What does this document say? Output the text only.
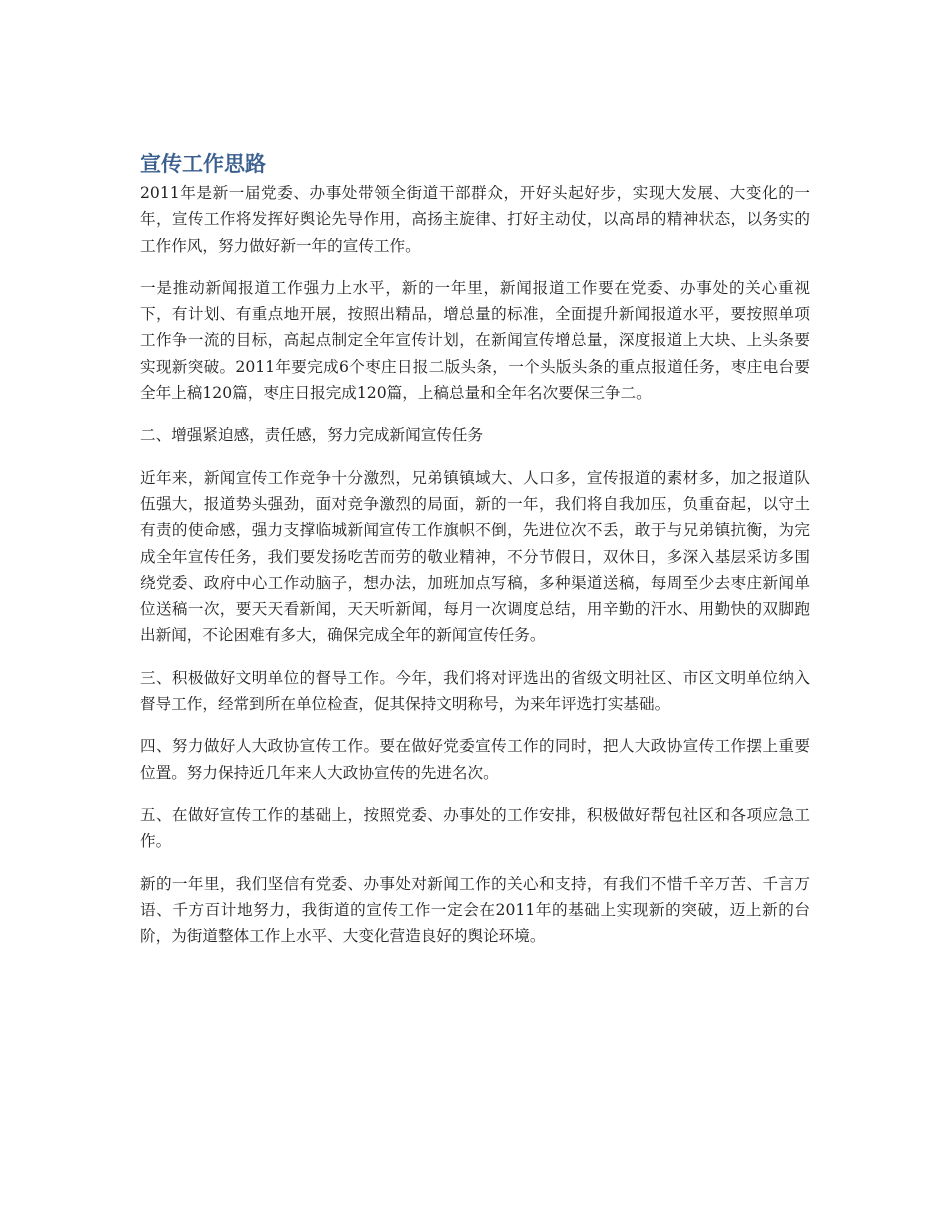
宣传工作思路

2011年是新一届党委、办事处带领全街道干部群众，开好头起好步，实现大发展、大变化的一年，宣传工作将发挥好舆论先导作用，高扬主旋律、打好主动仗，以高昂的精神状态，以务实的工作作风，努力做好新一年的宣传工作。

一是推动新闻报道工作强力上水平，新的一年里，新闻报道工作要在党委、办事处的关心重视下，有计划、有重点地开展，按照出精品，增总量的标准，全面提升新闻报道水平，要按照单项工作争一流的目标，高起点制定全年宣传计划，在新闻宣传增总量，深度报道上大块、上头条要实现新突破。2011年要完成6个枣庄日报二版头条，一个头版头条的重点报道任务，枣庄电台要全年上稿120篇，枣庄日报完成120篇，上稿总量和全年名次要保三争二。

二、增强紧迫感，责任感，努力完成新闻宣传任务

近年来，新闻宣传工作竞争十分激烈，兄弟镇镇域大、人口多，宣传报道的素材多，加之报道队伍强大，报道势头强劲，面对竞争激烈的局面，新的一年，我们将自我加压，负重奋起，以守土有责的使命感，强力支撑临城新闻宣传工作旗帜不倒，先进位次不丢，敢于与兄弟镇抗衡，为完成全年宣传任务，我们要发扬吃苦而劳的敬业精神，不分节假日，双休日，多深入基层采访多围绕党委、政府中心工作动脑子，想办法，加班加点写稿，多种渠道送稿，每周至少去枣庄新闻单位送稿一次，要天天看新闻，天天听新闻，每月一次调度总结，用辛勤的汗水、用勤快的双脚跑出新闻，不论困难有多大，确保完成全年的新闻宣传任务。

三、积极做好文明单位的督导工作。今年，我们将对评选出的省级文明社区、市区文明单位纳入督导工作，经常到所在单位检查，促其保持文明称号，为来年评选打实基础。

四、努力做好人大政协宣传工作。要在做好党委宣传工作的同时，把人大政协宣传工作摆上重要位置。努力保持近几年来人大政协宣传的先进名次。

五、在做好宣传工作的基础上，按照党委、办事处的工作安排，积极做好帮包社区和各项应急工作。

新的一年里，我们坚信有党委、办事处对新闻工作的关心和支持，有我们不惜千辛万苦、千言万语、千方百计地努力，我街道的宣传工作一定会在2011年的基础上实现新的突破，迈上新的台阶，为街道整体工作上水平、大变化营造良好的舆论环境。
